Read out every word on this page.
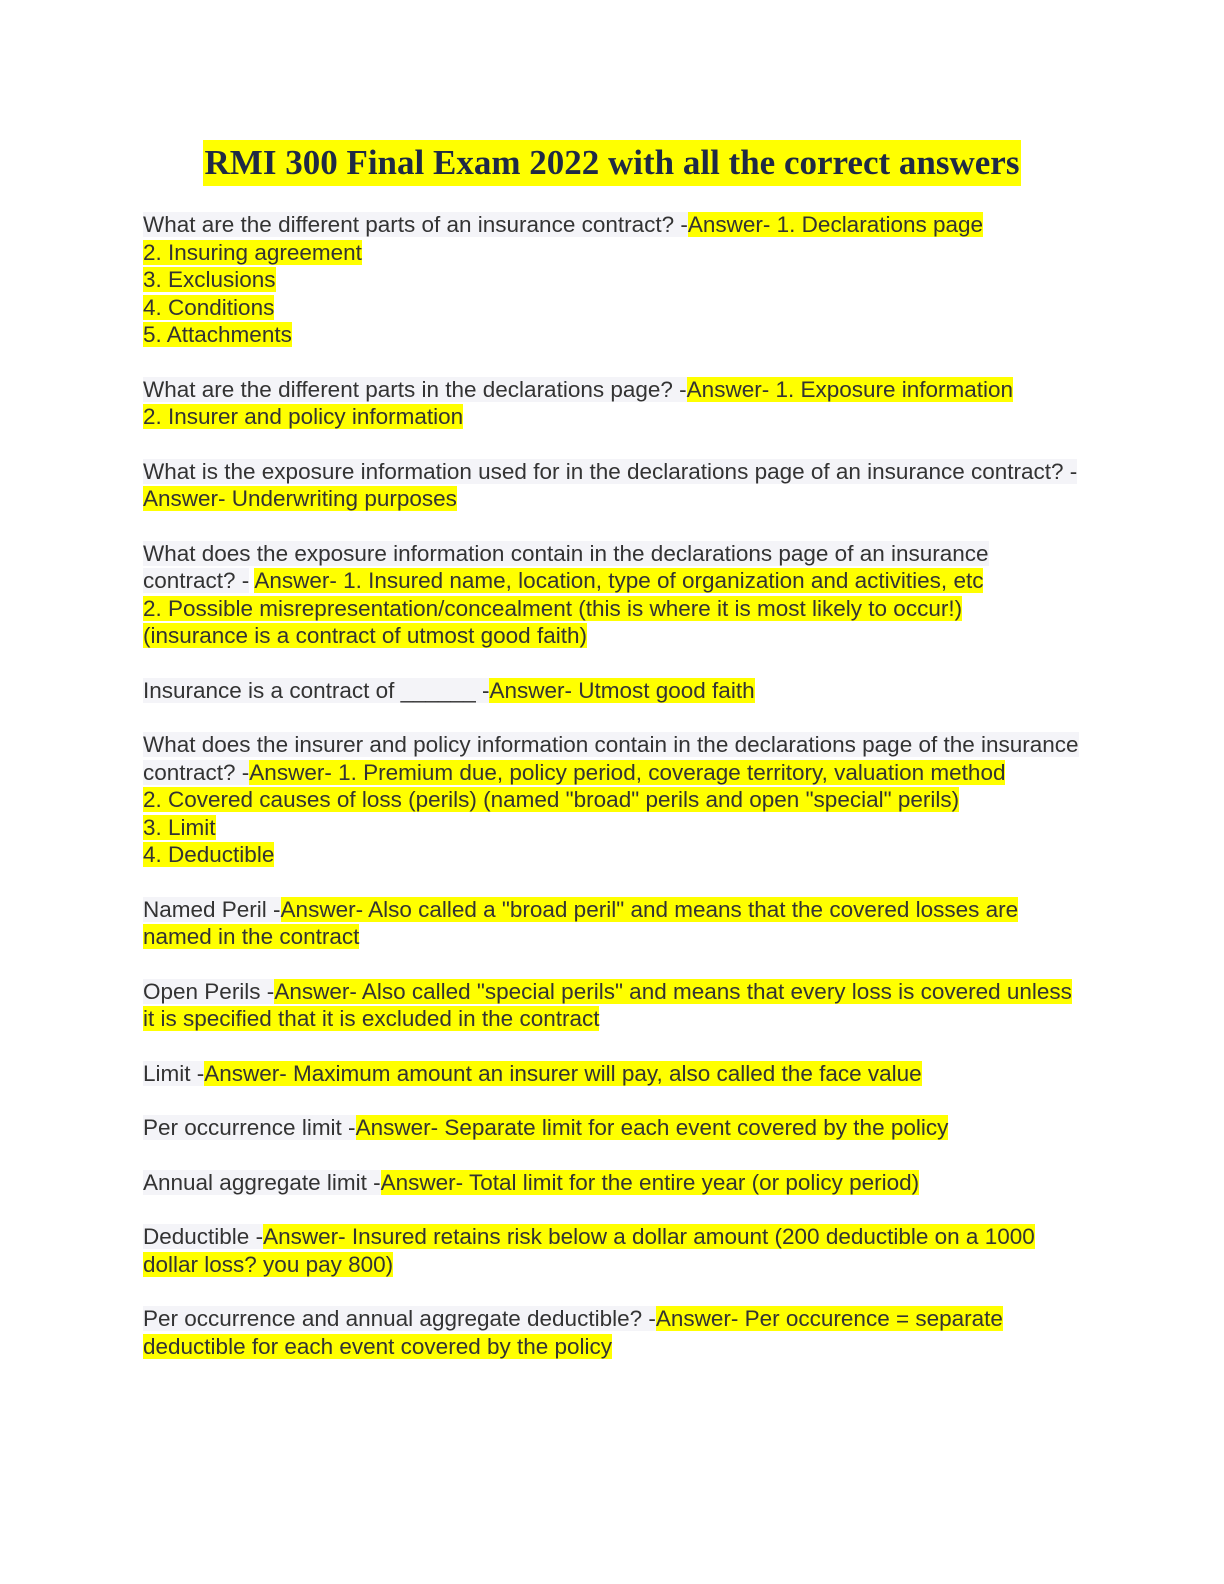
RMI 300 Final Exam 2022 with all the correct answers
What are the different parts of an insurance contract? -Answer- 1. Declarations page
2. Insuring agreement
3. Exclusions
4. Conditions
5. Attachments
What are the different parts in the declarations page? -Answer- 1. Exposure information
2. Insurer and policy information
What is the exposure information used for in the declarations page of an insurance contract? -Answer- Underwriting purposes
What does the exposure information contain in the declarations page of an insurance contract? - Answer- 1. Insured name, location, type of organization and activities, etc
2. Possible misrepresentation/concealment (this is where it is most likely to occur!)
(insurance is a contract of utmost good faith)
Insurance is a contract of ______ -Answer- Utmost good faith
What does the insurer and policy information contain in the declarations page of the insurance contract? -Answer- 1. Premium due, policy period, coverage territory, valuation method
2. Covered causes of loss (perils) (named "broad" perils and open "special" perils)
3. Limit
4. Deductible
Named Peril -Answer- Also called a "broad peril" and means that the covered losses are named in the contract
Open Perils -Answer- Also called "special perils" and means that every loss is covered unless it is specified that it is excluded in the contract
Limit -Answer- Maximum amount an insurer will pay, also called the face value
Per occurrence limit -Answer- Separate limit for each event covered by the policy
Annual aggregate limit -Answer- Total limit for the entire year (or policy period)
Deductible -Answer- Insured retains risk below a dollar amount (200 deductible on a 1000 dollar loss? you pay 800)
Per occurrence and annual aggregate deductible? -Answer- Per occurence = separate deductible for each event covered by the policy
